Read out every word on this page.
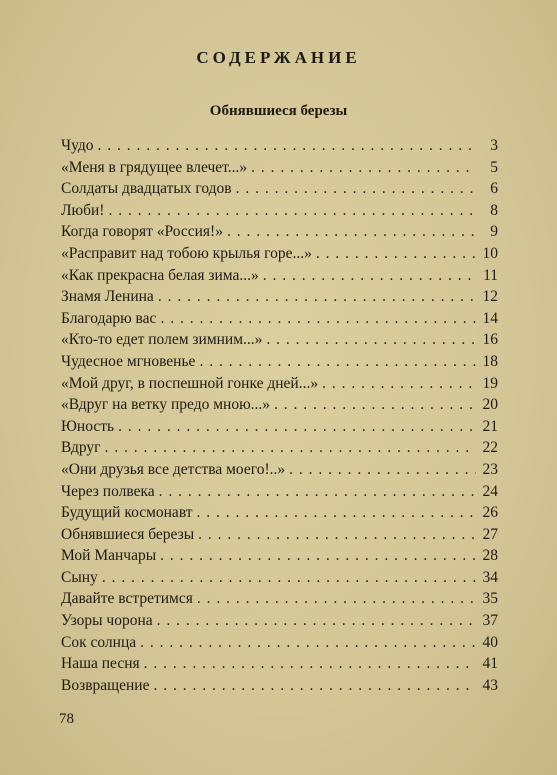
СОДЕРЖАНИЕ
Обнявшиеся березы
Чудо . . .	3
«Меня в грядущее влечет...» . . .	5
Солдаты двадцатых годов . . .	6
Люби! . . .	8
Когда говорят «Россия!» . . .	9
«Расправит над тобою крылья горе...» . . .	10
«Как прекрасна белая зима...» . . .	11
Знамя Ленина . . .	12
Благодарю вас . . .	14
«Кто-то едет полем зимним...» . . .	16
Чудесное мгновенье . . .	18
«Мой друг, в поспешной гонке дней...» . . .	19
«Вдруг на ветку предо мною...» . . .	20
Юность . . .	21
Вдруг . . .	22
«Они друзья все детства моего!..» . . .	23
Через полвека . . .	24
Будущий космонавт . . .	26
Обнявшиеся березы . . .	27
Мой Манчары . . .	28
Сыну . . .	34
Давайте встретимся . . .	35
Узоры чорона . . .	37
Сок солнца . . .	40
Наша песня . . .	41
Возвращение . . .	43
78
